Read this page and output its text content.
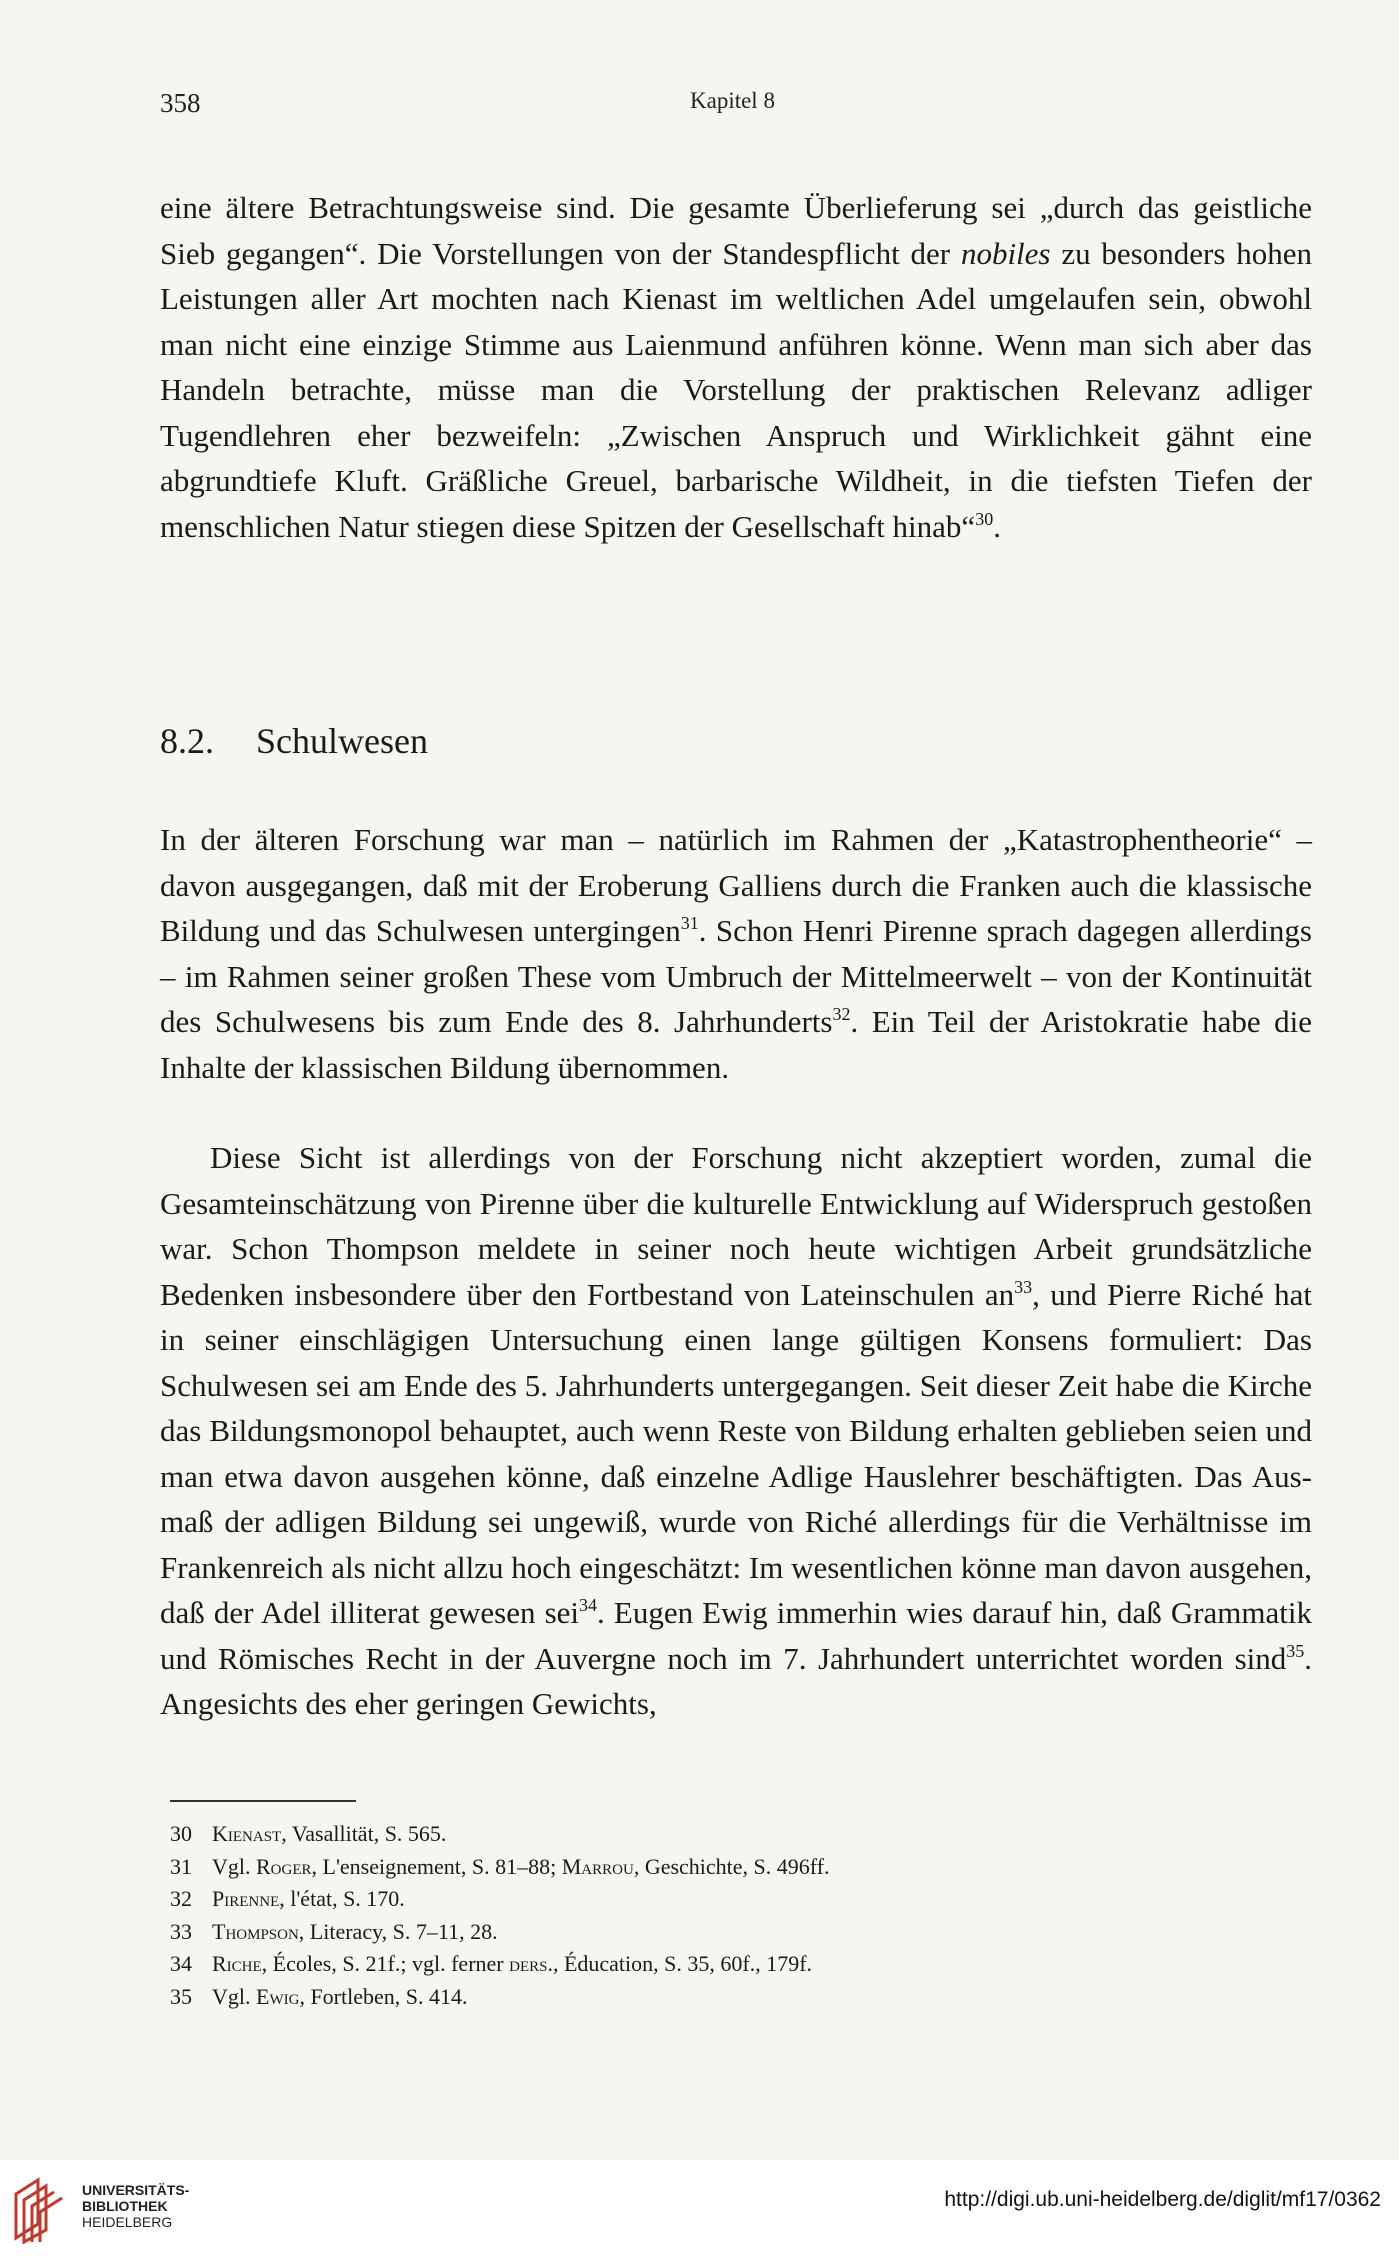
358	Kapitel 8

eine ältere Betrachtungsweise sind. Die gesamte Überlieferung sei „durch das geistliche Sieb gegangen“. Die Vorstellungen von der Standespflicht der nobiles zu besonders hohen Leistungen aller Art mochten nach Kienast im weltlichen Adel umgelaufen sein, obwohl man nicht eine einzige Stimme aus Laienmund anführen könne. Wenn man sich aber das Handeln betrachte, müsse man die Vorstellung der praktischen Relevanz adliger Tugendlehren eher bezweifeln: „Zwischen Anspruch und Wirklichkeit gähnt eine abgrundtiefe Kluft. Gräßliche Greuel, barbarische Wildheit, in die tiefsten Tiefen der menschlichen Natur stiegen diese Spitzen der Gesellschaft hinab“$^{30}$.

8.2. Schulwesen

In der älteren Forschung war man – natürlich im Rahmen der „Katastrophentheorie“ – davon ausgegangen, daß mit der Eroberung Galliens durch die Franken auch die klassische Bildung und das Schulwesen untergingen$^{31}$. Schon Henri Pirenne sprach dagegen allerdings – im Rahmen seiner großen These vom Umbruch der Mittelmeerwelt – von der Kontinuität des Schulwesens bis zum Ende des 8. Jahrhunderts$^{32}$. Ein Teil der Aristokratie habe die Inhalte der klassischen Bildung übernommen.

Diese Sicht ist allerdings von der Forschung nicht akzeptiert worden, zumal die Gesamteinschätzung von Pirenne über die kulturelle Entwicklung auf Widerspruch gestoßen war. Schon Thompson meldete in seiner noch heute wichtigen Arbeit grundsätzliche Bedenken insbesondere über den Fortbestand von Lateinschulen $an^{33}$, und Pierre Riché hat in seiner einschlägigen Untersuchung einen lange gültigen Konsens formuliert: Das Schulwesen sei am Ende des 5. Jahrhunderts untergegangen. Seit dieser Zeit habe die Kirche das Bildungsmonopol behauptet, auch wenn Reste von Bildung erhalten geblieben seien und man etwa davon ausgehen könne, daß einzelne Adlige Hauslehrer beschäftigten. Das Ausmaß der adligen Bildung sei ungewiß, wurde von Riché allerdings für die Verhältnisse im Frankenreich als nicht allzu hoch eingeschätzt: Im wesentlichen könne man davon ausgehen, daß der Adel illiterat gewesen sei$^{34}$. Eugen Ewig immerhin wies darauf hin, daß Grammatik und Römisches Recht in der Auvergne noch im 7. Jahrhundert unterrichtet worden sind$^{35}$. Angesichts des eher geringen Gewichts,

30 Kienast, Vasallität, S. 565.
31 Vgl. Roger, L'enseignement, S. 81–88; Marrou, Geschichte, S. 496ff.
32 Pirenne, l'état, S. 170.
33 Thompson, Literacy, S. 7–11, 28.
34 Riche, Écoles, S. 21f.; vgl. ferner ders., Éducation, S. 35, 60f., 179f.
35 Vgl. Ewig, Fortleben, S. 414.
UNIVERSITÄTS-
BIBLIOTHEK
HEIDELBERG
http://digi.ub.uni-heidelberg.de/diglit/mf17/0362
